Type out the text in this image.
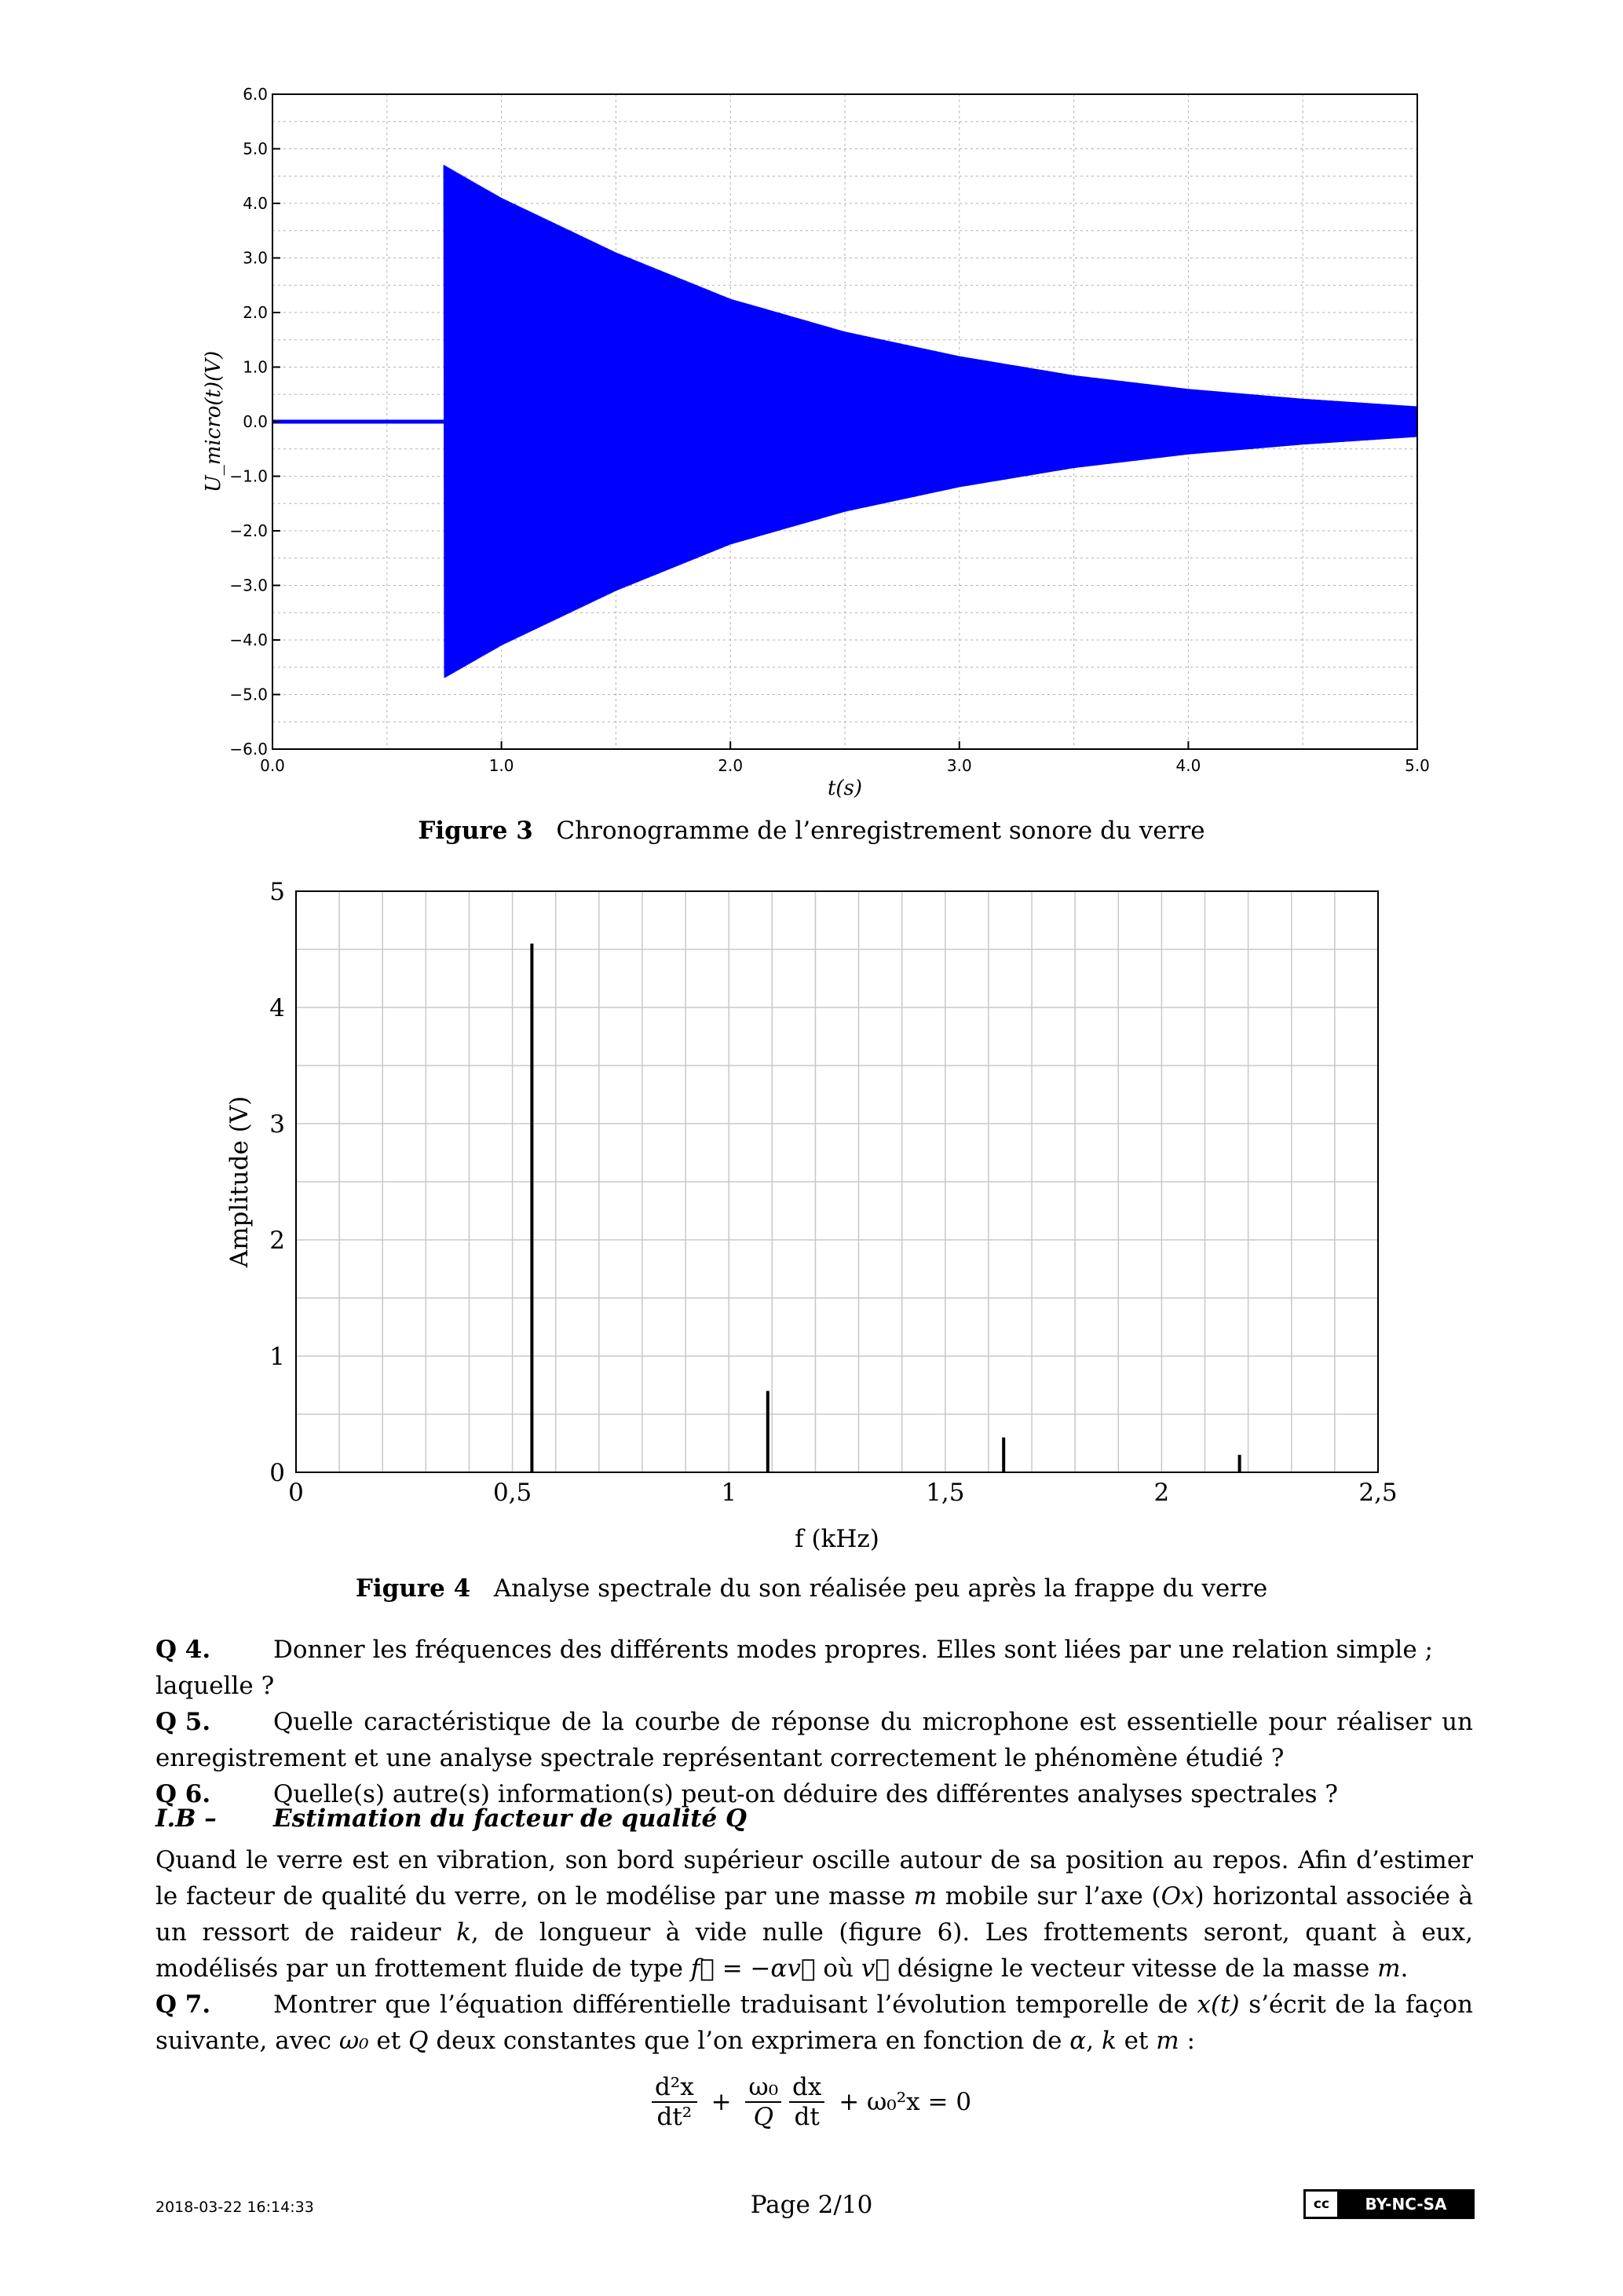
0.0	1.0	2.0	3.0	4.0	5.0
6.0
5.0
4.0
3.0
2.0
1.0
0.0
−1.0
−2.0
−3.0
−4.0
−5.0
−6.0
t(s)
U_micro(t)(V)
Figure 3 Chronogramme de l’enregistrement sonore du verre
0	0,5	1	1,5	2	2,5
0
1
2
3
4
5
f (kHz)
Amplitude (V)
Figure 4 Analyse spectrale du son réalisée peu après la frappe du verre
Q 4.	Donner les fréquences des différents modes propres. Elles sont liées par une relation simple ; laquelle ?
Q 5.	Quelle caractéristique de la courbe de réponse du microphone est essentielle pour réaliser un enregistrement et une analyse spectrale représentant correctement le phénomène étudié ?
Q 6.	Quelle(s) autre(s) information(s) peut-on déduire des différentes analyses spectrales ?
I.B – Estimation du facteur de qualité Q
Quand le verre est en vibration, son bord supérieur oscille autour de sa position au repos. Afin d’estimer le facteur de qualité du verre, on le modélise par une masse m mobile sur l’axe (Ox) horizontal associée à un ressort de raideur k, de longueur à vide nulle (figure 6). Les frottements seront, quant à eux, modélisés par un frottement fluide de type f⃗ = −αv⃗ où v⃗ désigne le vecteur vitesse de la masse m.
Q 7.	Montrer que l’équation différentielle traduisant l’évolution temporelle de x(t) s’écrit de la façon suivante, avec ω₀ et Q deux constantes que l’on exprimera en fonction de α, k et m :
$\frac{\text{d²x}}{\text{dt²}} + \frac{\text{ω₀}}{Q}$
$\frac{dx}{dt} + \omega_0^2x = 0$
2018-03-22 16:14:33	Page 2/10	cc	BY-NC-SA
